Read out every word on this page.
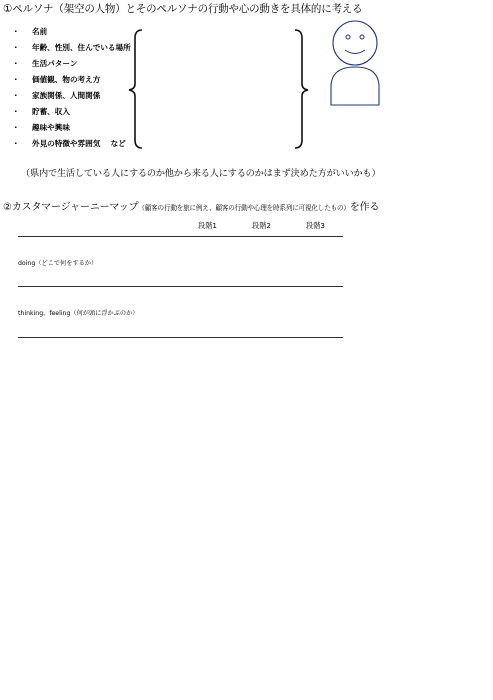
①ペルソナ（架空の人物）とそのペルソナの行動や心の動きを具体的に考える
・ 名前
・ 年齢、性別、住んでいる場所
・ 生活パターン
・ 価値観、物の考え方
・ 家族関係、人間関係
・ 貯蓄、収入
・ 趣味や興味
・ 外見の特徴や雰囲気　 など
（県内で生活している人にするのか他から来る人にするのかはまず決めた方がいいかも）
②カスタマージャーニーマップ（顧客の行動を旅に例え、顧客の行動や心理を時系列に可視化したもの）を作る
段階1	段階2	段階3
doing（どこで何をするか）
thinking、feeling（何が頭に浮かぶのか）
